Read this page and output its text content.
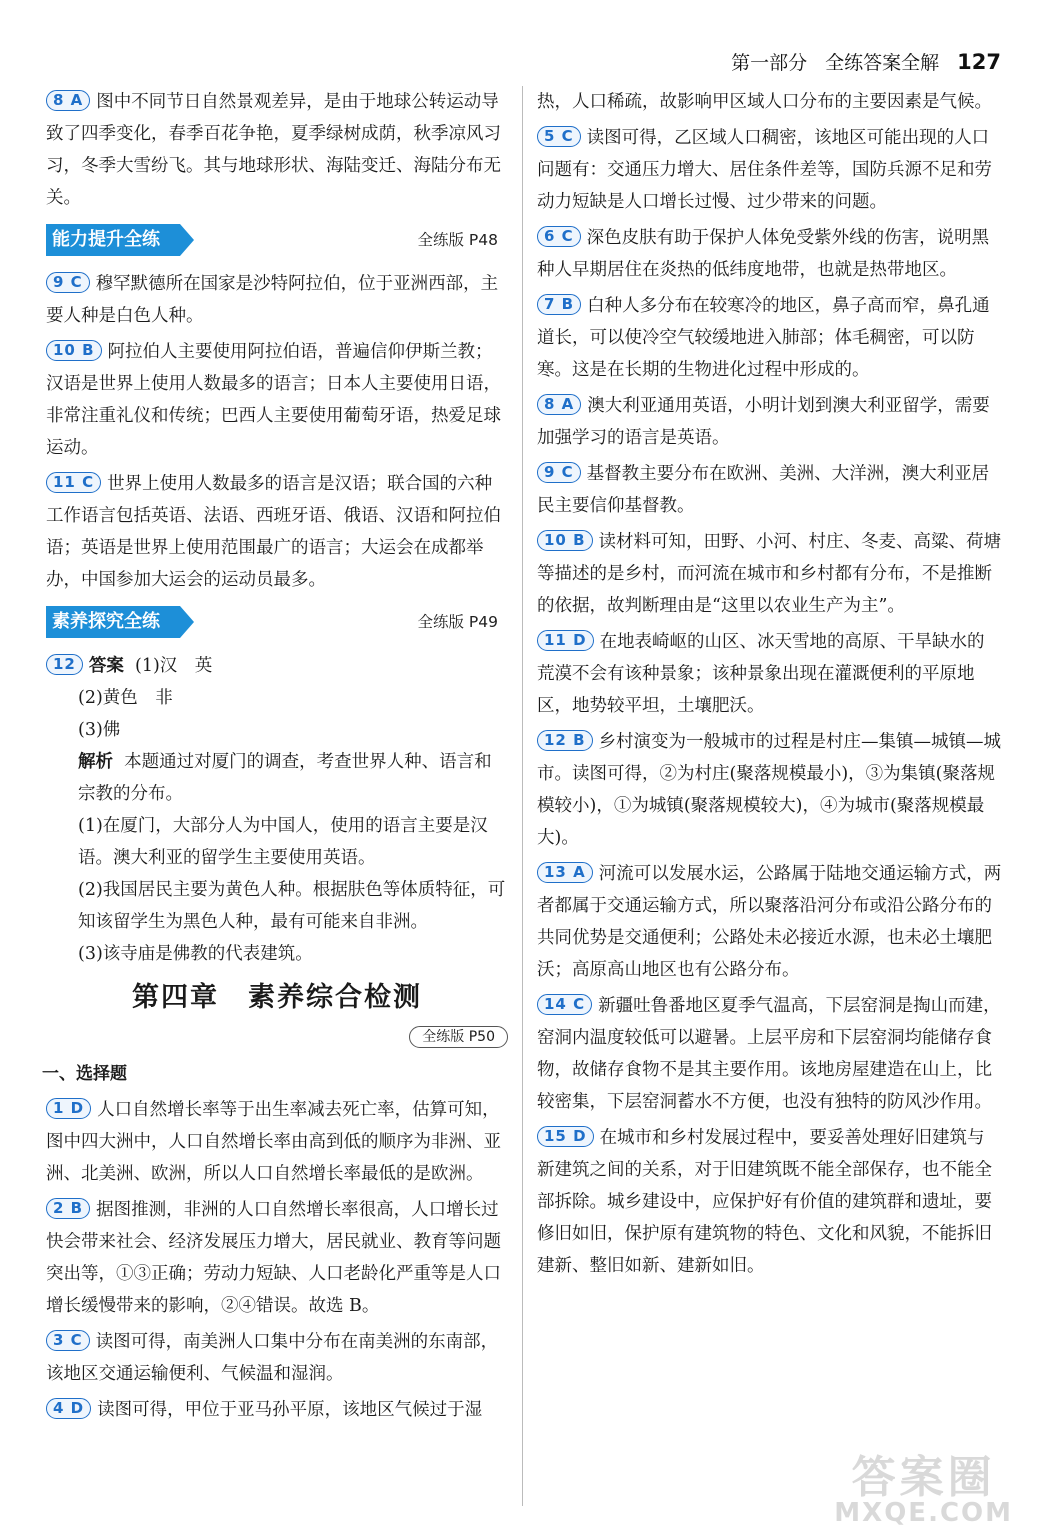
第一部分 全练答案全解 127
8 A 图中不同节日自然景观差异，是由于地球公转运动导致了四季变化，春季百花争艳，夏季绿树成荫，秋季凉风习习，冬季大雪纷飞。其与地球形状、海陆变迁、海陆分布无关。
能力提升全练	全练版 P48
9 C 穆罕默德所在国家是沙特阿拉伯，位于亚洲西部，主要人种是白色人种。
10 B 阿拉伯人主要使用阿拉伯语，普遍信仰伊斯兰教；汉语是世界上使用人数最多的语言；日本人主要使用日语，非常注重礼仪和传统；巴西人主要使用葡萄牙语，热爱足球运动。
11 C 世界上使用人数最多的语言是汉语；联合国的六种工作语言包括英语、法语、西班牙语、俄语、汉语和阿拉伯语；英语是世界上使用范围最广的语言；大运会在成都举办，中国参加大运会的运动员最多。
素养探究全练	全练版 P49
12 答案 (1)汉　英
(2)黄色　非
(3)佛
解析 本题通过对厦门的调查，考查世界人种、语言和宗教的分布。
(1)在厦门，大部分人为中国人，使用的语言主要是汉语。澳大利亚的留学生主要使用英语。
(2)我国居民主要为黄色人种。根据肤色等体质特征，可知该留学生为黑色人种，最有可能来自非洲。
(3)该寺庙是佛教的代表建筑。
第四章　素养综合检测
全练版 P50
一、选择题
1 D 人口自然增长率等于出生率减去死亡率，估算可知，图中四大洲中，人口自然增长率由高到低的顺序为非洲、亚洲、北美洲、欧洲，所以人口自然增长率最低的是欧洲。
2 B 据图推测，非洲的人口自然增长率很高，人口增长过快会带来社会、经济发展压力增大，居民就业、教育等问题突出等，①③正确；劳动力短缺、人口老龄化严重等是人口增长缓慢带来的影响，②④错误。故选 B。
3 C 读图可得，南美洲人口集中分布在南美洲的东南部，该地区交通运输便利、气候温和湿润。
4 D 读图可得，甲位于亚马孙平原，该地区气候过于湿
热，人口稀疏，故影响甲区域人口分布的主要因素是气候。
5 C 读图可得，乙区域人口稠密，该地区可能出现的人口问题有：交通压力增大、居住条件差等，国防兵源不足和劳动力短缺是人口增长过慢、过少带来的问题。
6 C 深色皮肤有助于保护人体免受紫外线的伤害，说明黑种人早期居住在炎热的低纬度地带，也就是热带地区。
7 B 白种人多分布在较寒冷的地区，鼻子高而窄，鼻孔通道长，可以使冷空气较缓地进入肺部；体毛稠密，可以防寒。这是在长期的生物进化过程中形成的。
8 A 澳大利亚通用英语，小明计划到澳大利亚留学，需要加强学习的语言是英语。
9 C 基督教主要分布在欧洲、美洲、大洋洲，澳大利亚居民主要信仰基督教。
10 B 读材料可知，田野、小河、村庄、冬麦、高粱、荷塘等描述的是乡村，而河流在城市和乡村都有分布，不是推断的依据，故判断理由是“这里以农业生产为主”。
11 D 在地表崎岖的山区、冰天雪地的高原、干旱缺水的荒漠不会有该种景象；该种景象出现在灌溉便利的平原地区，地势较平坦，土壤肥沃。
12 B 乡村演变为一般城市的过程是村庄—集镇—城镇—城市。读图可得，②为村庄(聚落规模最小)，③为集镇(聚落规模较小)，①为城镇(聚落规模较大)，④为城市(聚落规模最大)。
13 A 河流可以发展水运，公路属于陆地交通运输方式，两者都属于交通运输方式，所以聚落沿河分布或沿公路分布的共同优势是交通便利；公路处未必接近水源，也未必土壤肥沃；高原高山地区也有公路分布。
14 C 新疆吐鲁番地区夏季气温高，下层窑洞是掏山而建，窑洞内温度较低可以避暑。上层平房和下层窑洞均能储存食物，故储存食物不是其主要作用。该地房屋建造在山上，比较密集，下层窑洞蓄水不方便，也没有独特的防风沙作用。
15 D 在城市和乡村发展过程中，要妥善处理好旧建筑与新建筑之间的关系，对于旧建筑既不能全部保存，也不能全部拆除。城乡建设中，应保护好有价值的建筑群和遗址，要修旧如旧，保护原有建筑物的特色、文化和风貌，不能拆旧建新、整旧如新、建新如旧。
答案圈
MXQE.COM
